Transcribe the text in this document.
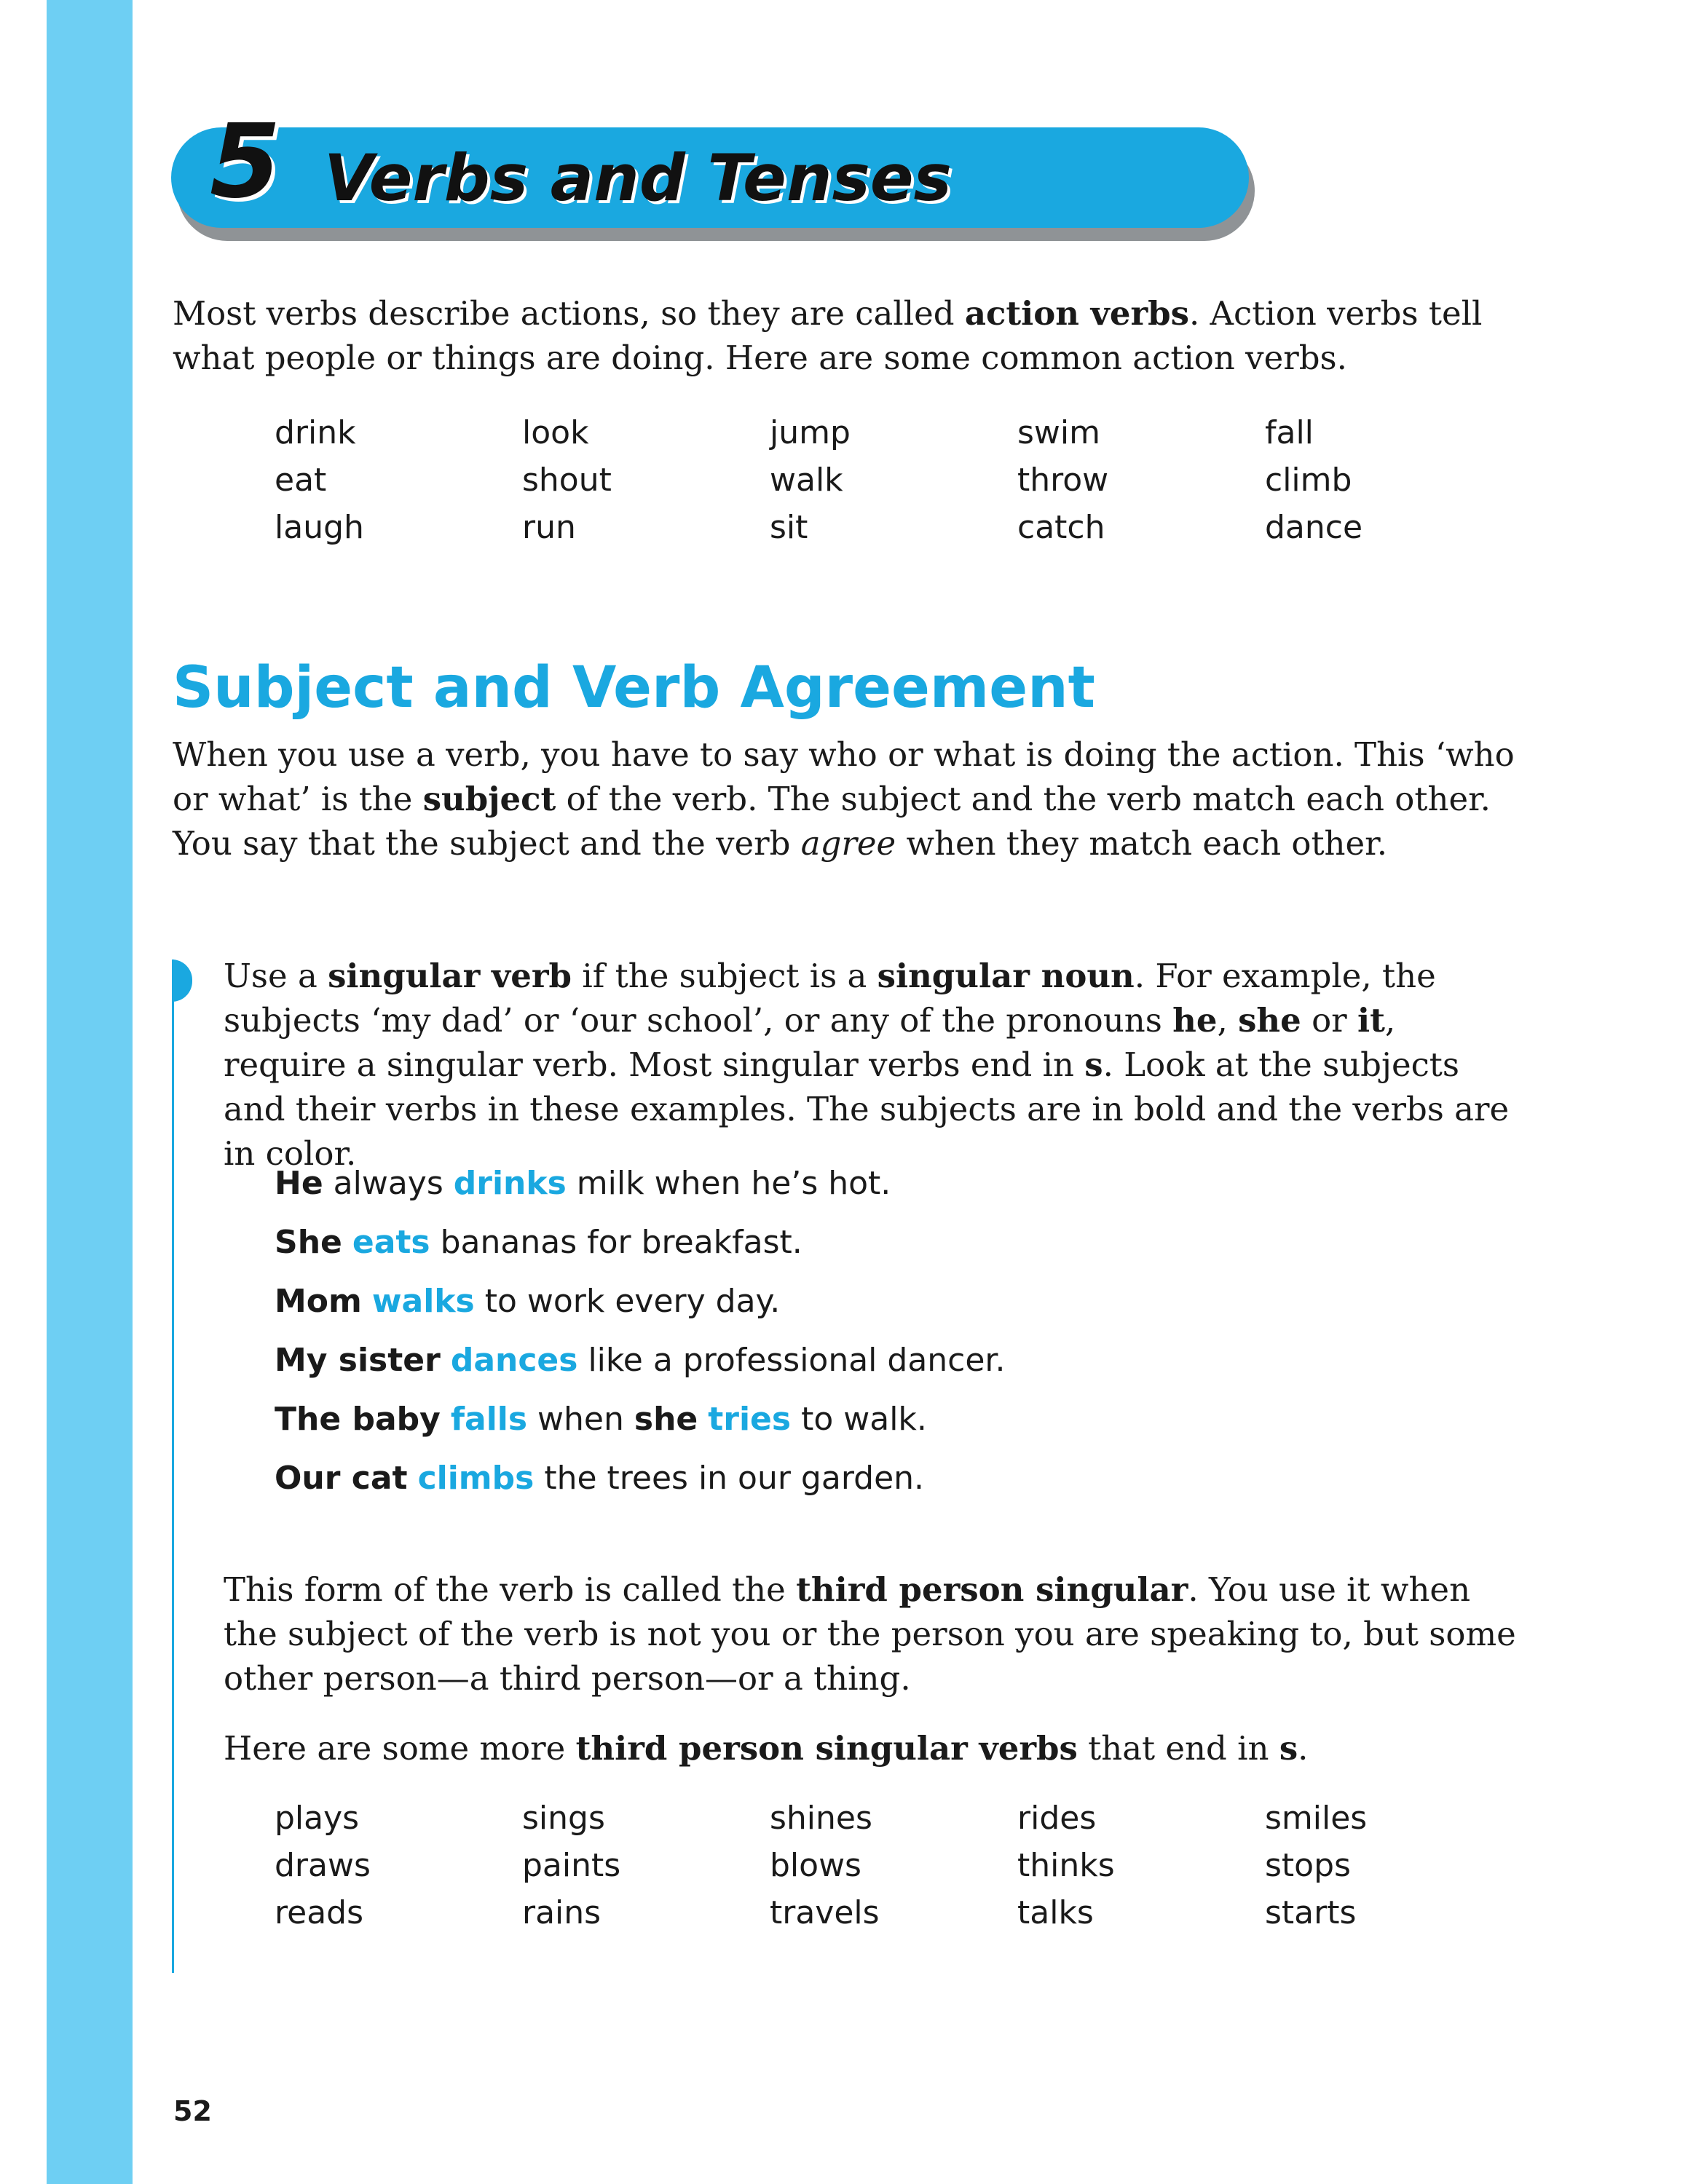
5 Verbs and Tenses

Most verbs describe actions, so they are called action verbs. Action verbs tell what people or things are doing. Here are some common action verbs.

drink	look	jump	swim	fall
eat	shout	walk	throw	climb
laugh	run	sit	catch	dance
Subject and Verb Agreement

When you use a verb, you have to say who or what is doing the action. This ‘who or what’ is the subject of the verb. The subject and the verb match each other. You say that the subject and the verb agree when they match each other.

Use a singular verb if the subject is a singular noun. For example, the subjects ‘my dad’ or ‘our school’, or any of the pronouns he, she or it, require a singular verb. Most singular verbs end in s. Look at the subjects and their verbs in these examples. The subjects are in bold and the verbs are in color.

He always drinks milk when he’s hot.
She eats bananas for breakfast.
Mom walks to work every day.
My sister dances like a professional dancer.
The baby falls when she tries to walk.
Our cat climbs the trees in our garden.

This form of the verb is called the third person singular. You use it when the subject of the verb is not you or the person you are speaking to, but some other person—a third person—or a thing.

Here are some more third person singular verbs that end in s.

plays	sings	shines	rides	smiles
draws	paints	blows	thinks	stops
reads	rains	travels	talks	starts
52
